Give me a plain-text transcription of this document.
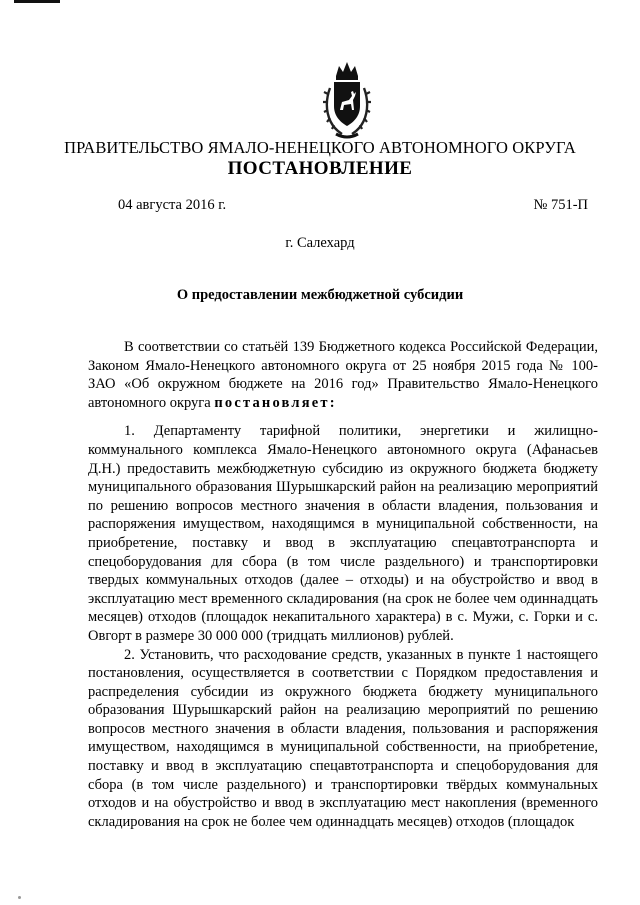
ПРАВИТЕЛЬСТВО ЯМАЛО-НЕНЕЦКОГО АВТОНОМНОГО ОКРУГА
ПОСТАНОВЛЕНИЕ
04 августа 2016 г.	№ 751-П
г. Салехард
О предоставлении межбюджетной субсидии

В соответствии со статьёй 139 Бюджетного кодекса Российской Федерации, Законом Ямало-Ненецкого автономного округа от 25 ноября 2015 года № 100-ЗАО «Об окружном бюджете на 2016 год» Правительство Ямало-Ненецкого автономного округа постановляет:

1. Департаменту тарифной политики, энергетики и жилищно-коммунального комплекса Ямало-Ненецкого автономного округа (Афанасьев Д.Н.) предоставить межбюджетную субсидию из окружного бюджета бюджету муниципального образования Шурышкарский район на реализацию мероприятий по решению вопросов местного значения в области владения, пользования и распоряжения имуществом, находящимся в муниципальной собственности, на приобретение, поставку и ввод в эксплуатацию спецавтотранспорта и спецоборудования для сбора (в том числе раздельного) и транспортировки твердых коммунальных отходов (далее – отходы) и на обустройство и ввод в эксплуатацию мест временного складирования (на срок не более чем одиннадцать месяцев) отходов (площадок некапитального характера) в с. Мужи, с. Горки и с. Овгорт в размере 30 000 000 (тридцать миллионов) рублей.

2. Установить, что расходование средств, указанных в пункте 1 настоящего постановления, осуществляется в соответствии с Порядком предоставления и распределения субсидии из окружного бюджета бюджету муниципального образования Шурышкарский район на реализацию мероприятий по решению вопросов местного значения в области владения, пользования и распоряжения имуществом, находящимся в муниципальной собственности, на приобретение, поставку и ввод в эксплуатацию спецавтотранспорта и спецоборудования для сбора (в том числе раздельного) и транспортировки твёрдых коммунальных отходов и на обустройство и ввод в эксплуатацию мест накопления (временного складирования на срок не более чем одиннадцать месяцев) отходов (площадок
